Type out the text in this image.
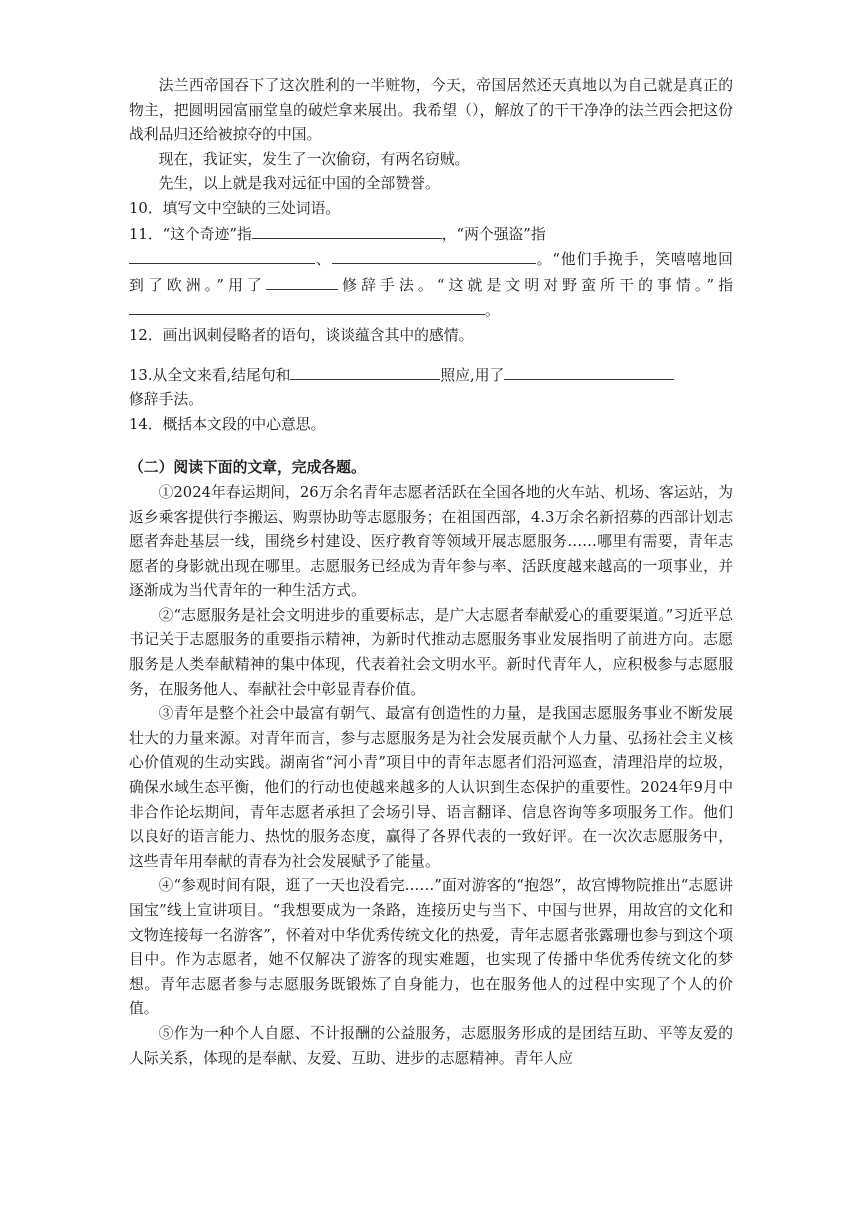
法兰西帝国吞下了这次胜利的一半赃物，今天，帝国居然还天真地以为自己就是真正的物主，把圆明园富丽堂皇的破烂拿来展出。我希望（），解放了的干干净净的法兰西会把这份战利品归还给被掠夺的中国。

现在，我证实，发生了一次偷窃，有两名窃贼。

先生，以上就是我对远征中国的全部赞誉。

10．填写文中空缺的三处词语。

11．“这个奇迹”指	，“两个强盗”指
、	。“他们手挽手，笑嘻嘻地回到了欧洲。”用了	修辞手法。“这就是文明对野蛮所干的事情。”指。

12．画出讽刺侵略者的语句，谈谈蕴含其中的感情。

13.从全文来看,结尾句和	照应,用了
修辞手法。

14．概括本文段的中心意思。

（二）阅读下面的文章，完成各题。

①2024年春运期间，26万余名青年志愿者活跃在全国各地的火车站、机场、客运站，为返乡乘客提供行李搬运、购票协助等志愿服务；在祖国西部，4.3万余名新招募的西部计划志愿者奔赴基层一线，围绕乡村建设、医疗教育等领域开展志愿服务……哪里有需要，青年志愿者的身影就出现在哪里。志愿服务已经成为青年参与率、活跃度越来越高的一项事业，并逐渐成为当代青年的一种生活方式。

②“志愿服务是社会文明进步的重要标志，是广大志愿者奉献爱心的重要渠道。”习近平总书记关于志愿服务的重要指示精神，为新时代推动志愿服务事业发展指明了前进方向。志愿服务是人类奉献精神的集中体现，代表着社会文明水平。新时代青年人，应积极参与志愿服务，在服务他人、奉献社会中彰显青春价值。

③青年是整个社会中最富有朝气、最富有创造性的力量，是我国志愿服务事业不断发展壮大的力量来源。对青年而言，参与志愿服务是为社会发展贡献个人力量、弘扬社会主义核心价值观的生动实践。湖南省“河小青”项目中的青年志愿者们沿河巡查，清理沿岸的垃圾，确保水域生态平衡，他们的行动也使越来越多的人认识到生态保护的重要性。2024年9月中非合作论坛期间，青年志愿者承担了会场引导、语言翻译、信息咨询等多项服务工作。他们以良好的语言能力、热忱的服务态度，赢得了各界代表的一致好评。在一次次志愿服务中，这些青年用奉献的青春为社会发展赋予了能量。

④“参观时间有限，逛了一天也没看完……”面对游客的“抱怨”，故宫博物院推出“志愿讲国宝”线上宣讲项目。“我想要成为一条路，连接历史与当下、中国与世界，用故宫的文化和文物连接每一名游客”，怀着对中华优秀传统文化的热爱，青年志愿者张露珊也参与到这个项目中。作为志愿者，她不仅解决了游客的现实难题，也实现了传播中华优秀传统文化的梦想。青年志愿者参与志愿服务既锻炼了自身能力，也在服务他人的过程中实现了个人的价值。

⑤作为一种个人自愿、不计报酬的公益服务，志愿服务形成的是团结互助、平等友爱的人际关系，体现的是奉献、友爱、互助、进步的志愿精神。青年人应
